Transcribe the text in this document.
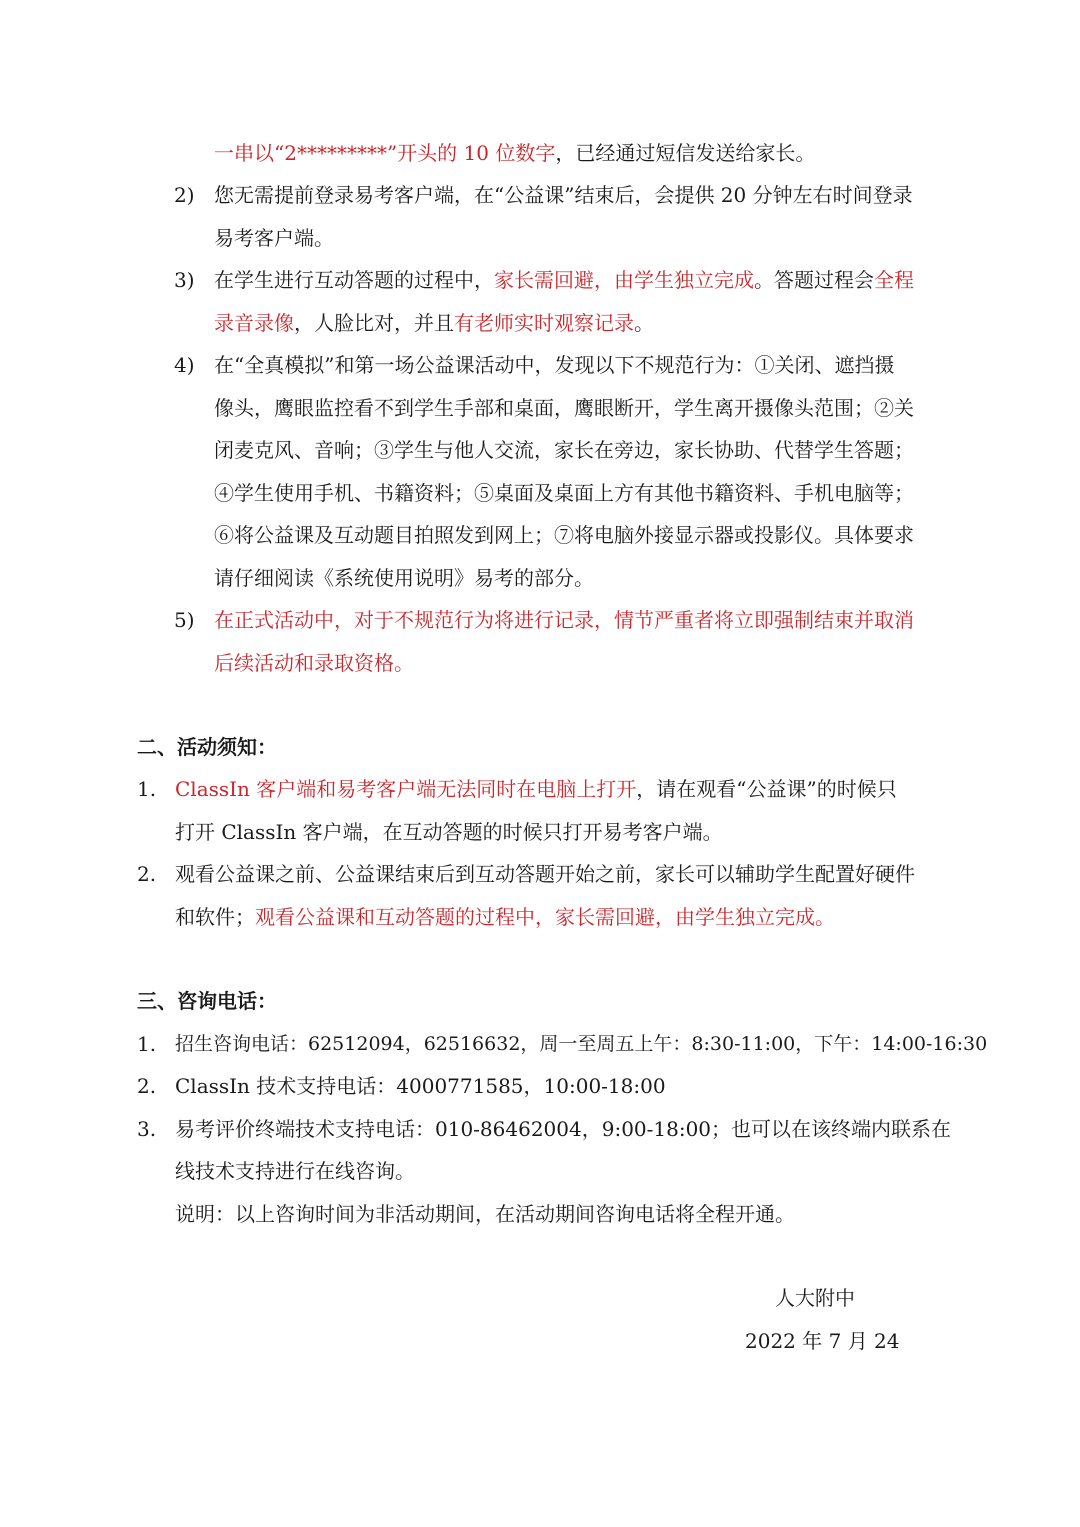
一串以“2*********”开头的 10 位数字，已经通过短信发送给家长。
2) 您无需提前登录易考客户端，在“公益课”结束后，会提供 20 分钟左右时间登录
易考客户端。
3) 在学生进行互动答题的过程中，家长需回避，由学生独立完成。答题过程会全程
录音录像，人脸比对，并且有老师实时观察记录。
4) 在“全真模拟”和第一场公益课活动中，发现以下不规范行为：①关闭、遮挡摄
像头，鹰眼监控看不到学生手部和桌面，鹰眼断开，学生离开摄像头范围；②关
闭麦克风、音响；③学生与他人交流，家长在旁边，家长协助、代替学生答题；
④学生使用手机、书籍资料；⑤桌面及桌面上方有其他书籍资料、手机电脑等；
⑥将公益课及互动题目拍照发到网上；⑦将电脑外接显示器或投影仪。具体要求
请仔细阅读《系统使用说明》易考的部分。
5) 在正式活动中，对于不规范行为将进行记录，情节严重者将立即强制结束并取消
后续活动和录取资格。
二、活动须知：
1. ClassIn 客户端和易考客户端无法同时在电脑上打开，请在观看“公益课”的时候只
打开 ClassIn 客户端，在互动答题的时候只打开易考客户端。
2. 观看公益课之前、公益课结束后到互动答题开始之前，家长可以辅助学生配置好硬件
和软件；观看公益课和互动答题的过程中，家长需回避，由学生独立完成。
三、咨询电话：
1. 招生咨询电话：62512094，62516632，周一至周五上午：8:30-11:00，下午：14:00-16:30
2. ClassIn 技术支持电话：4000771585，10:00-18:00
3. 易考评价终端技术支持电话：010-86462004，9:00-18:00；也可以在该终端内联系在
线技术支持进行在线咨询。
说明：以上咨询时间为非活动期间，在活动期间咨询电话将全程开通。
人大附中
2022 年 7 月 24
